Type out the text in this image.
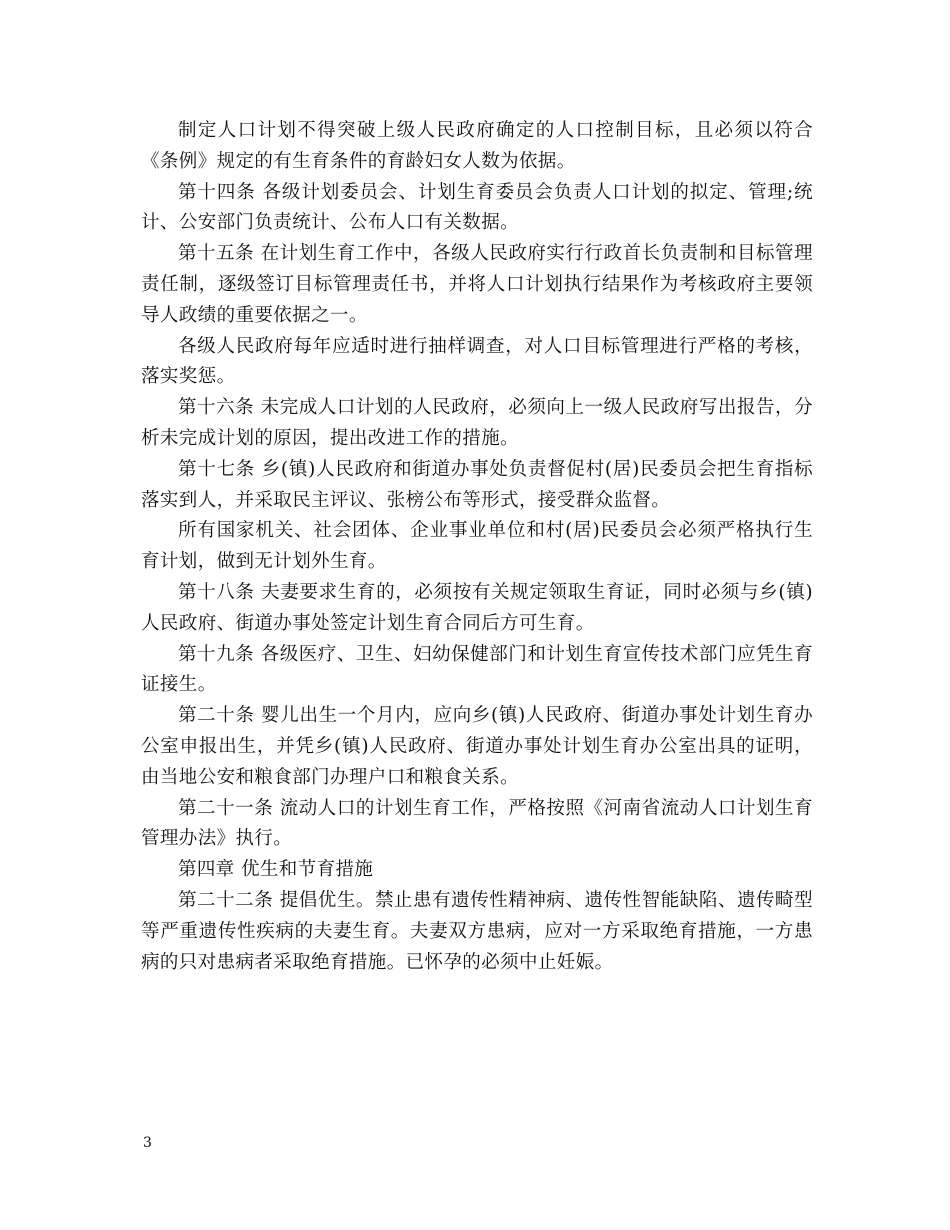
制定人口计划不得突破上级人民政府确定的人口控制目标，且必须以符合《条例》规定的有生育条件的育龄妇女人数为依据。

第十四条 各级计划委员会、计划生育委员会负责人口计划的拟定、管理;统计、公安部门负责统计、公布人口有关数据。

第十五条 在计划生育工作中，各级人民政府实行行政首长负责制和目标管理责任制，逐级签订目标管理责任书，并将人口计划执行结果作为考核政府主要领导人政绩的重要依据之一。

各级人民政府每年应适时进行抽样调查，对人口目标管理进行严格的考核，落实奖惩。

第十六条 未完成人口计划的人民政府，必须向上一级人民政府写出报告，分析未完成计划的原因，提出改进工作的措施。

第十七条 乡(镇)人民政府和街道办事处负责督促村(居)民委员会把生育指标落实到人，并采取民主评议、张榜公布等形式，接受群众监督。

所有国家机关、社会团体、企业事业单位和村(居)民委员会必须严格执行生育计划，做到无计划外生育。

第十八条 夫妻要求生育的，必须按有关规定领取生育证，同时必须与乡(镇)人民政府、街道办事处签定计划生育合同后方可生育。

第十九条 各级医疗、卫生、妇幼保健部门和计划生育宣传技术部门应凭生育证接生。

第二十条 婴儿出生一个月内，应向乡(镇)人民政府、街道办事处计划生育办公室申报出生，并凭乡(镇)人民政府、街道办事处计划生育办公室出具的证明，由当地公安和粮食部门办理户口和粮食关系。

第二十一条 流动人口的计划生育工作，严格按照《河南省流动人口计划生育管理办法》执行。

第四章 优生和节育措施

第二十二条 提倡优生。禁止患有遗传性精神病、遗传性智能缺陷、遗传畸型等严重遗传性疾病的夫妻生育。夫妻双方患病，应对一方采取绝育措施，一方患病的只对患病者采取绝育措施。已怀孕的必须中止妊娠。

3
